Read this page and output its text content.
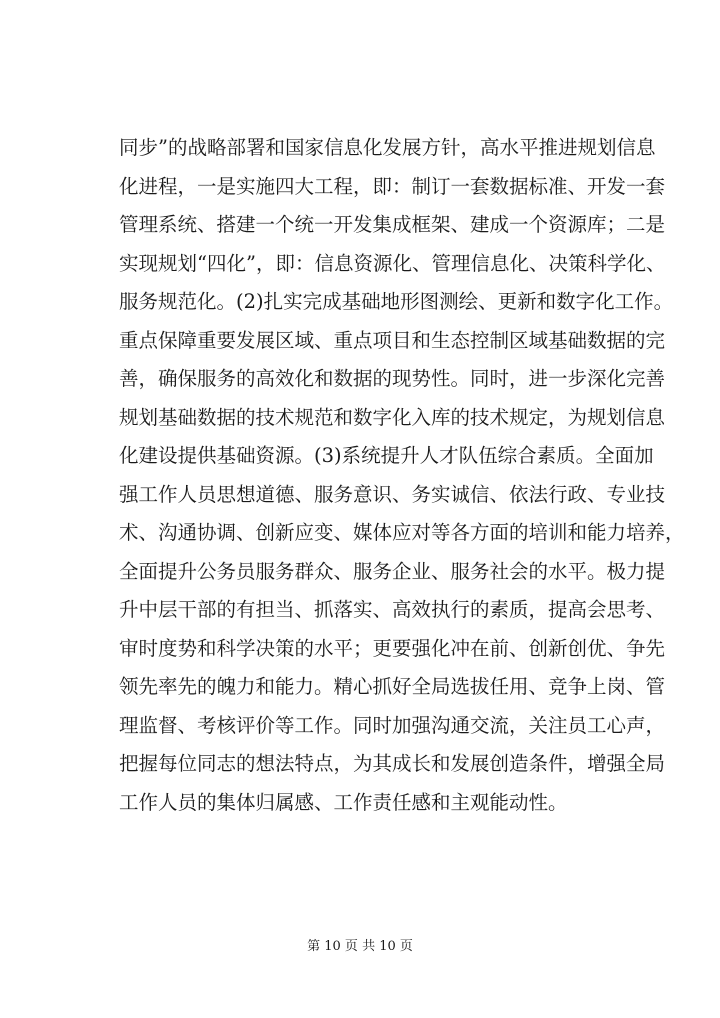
同步”的战略部署和国家信息化发展方针，高水平推进规划信息
化进程，一是实施四大工程，即：制订一套数据标准、开发一套
管理系统、搭建一个统一开发集成框架、建成一个资源库；二是
实现规划“四化”，即：信息资源化、管理信息化、决策科学化、
服务规范化。(2)扎实完成基础地形图测绘、更新和数字化工作。
重点保障重要发展区域、重点项目和生态控制区域基础数据的完
善，确保服务的高效化和数据的现势性。同时，进一步深化完善
规划基础数据的技术规范和数字化入库的技术规定，为规划信息
化建设提供基础资源。(3)系统提升人才队伍综合素质。全面加
强工作人员思想道德、服务意识、务实诚信、依法行政、专业技
术、沟通协调、创新应变、媒体应对等各方面的培训和能力培养，
全面提升公务员服务群众、服务企业、服务社会的水平。极力提
升中层干部的有担当、抓落实、高效执行的素质，提高会思考、
审时度势和科学决策的水平；更要强化冲在前、创新创优、争先
领先率先的魄力和能力。精心抓好全局选拔任用、竞争上岗、管
理监督、考核评价等工作。同时加强沟通交流，关注员工心声，
把握每位同志的想法特点，为其成长和发展创造条件，增强全局
工作人员的集体归属感、工作责任感和主观能动性。
第 10 页 共 10 页
